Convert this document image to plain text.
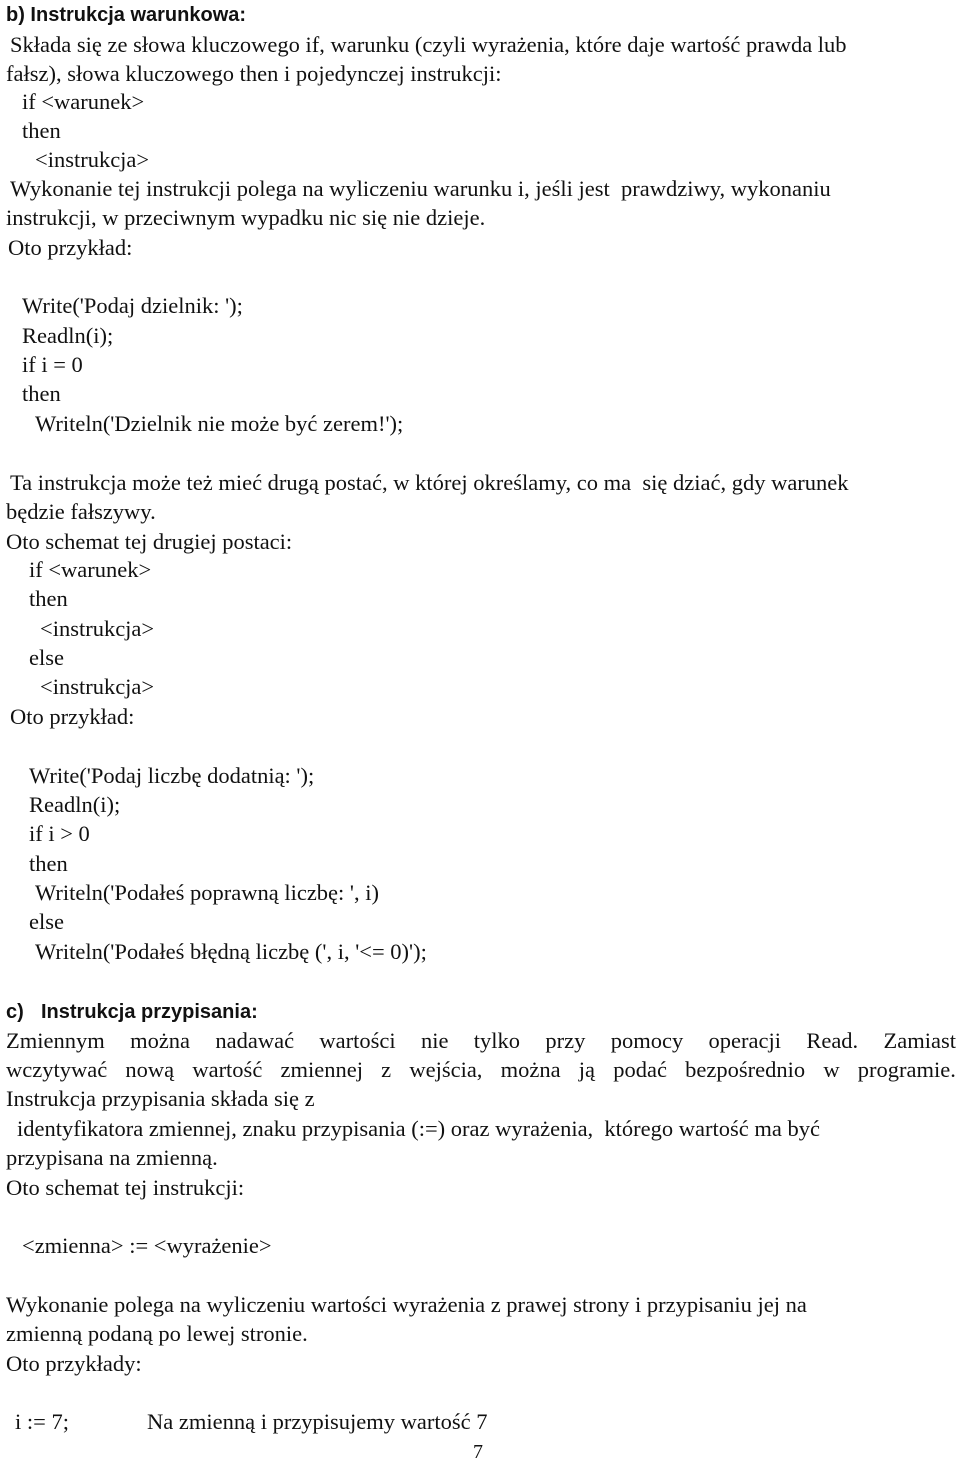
b) Instrukcja warunkowa:
Składa się ze słowa kluczowego if, warunku (czyli wyrażenia, które daje wartość prawda lub
fałsz), słowa kluczowego then i pojedynczej instrukcji:
if <warunek>
then
<instrukcja>
Wykonanie tej instrukcji polega na wyliczeniu warunku i, jeśli jest  prawdziwy, wykonaniu
instrukcji, w przeciwnym wypadku nic się nie dzieje.
Oto przykład:
Write('Podaj dzielnik: ');
Readln(i);
if i = 0
then
Writeln('Dzielnik nie może być zerem!');
Ta instrukcja może też mieć drugą postać, w której określamy, co ma  się dziać, gdy warunek
będzie fałszywy.
Oto schemat tej drugiej postaci:
if <warunek>
then
<instrukcja>
else
<instrukcja>
Oto przykład:
Write('Podaj liczbę dodatnią: ');
Readln(i);
if i > 0
then
Writeln('Podałeś poprawną liczbę: ', i)
else
Writeln('Podałeś błędną liczbę (', i, '<= 0)');
c) Instrukcja przypisania:
Zmiennym można nadawać wartości nie tylko przy pomocy operacji Read. Zamiast
wczytywać nową wartość zmiennej z wejścia, można ją podać bezpośrednio w programie.
Instrukcja przypisania składa się z
identyfikatora zmiennej, znaku przypisania (:=) oraz wyrażenia,  którego wartość ma być
przypisana na zmienną.
Oto schemat tej instrukcji:
<zmienna> := <wyrażenie>
Wykonanie polega na wyliczeniu wartości wyrażenia z prawej strony i przypisaniu jej na
zmienną podaną po lewej stronie.
Oto przykłady:
i := 7;	Na zmienną i przypisujemy wartość 7
7
